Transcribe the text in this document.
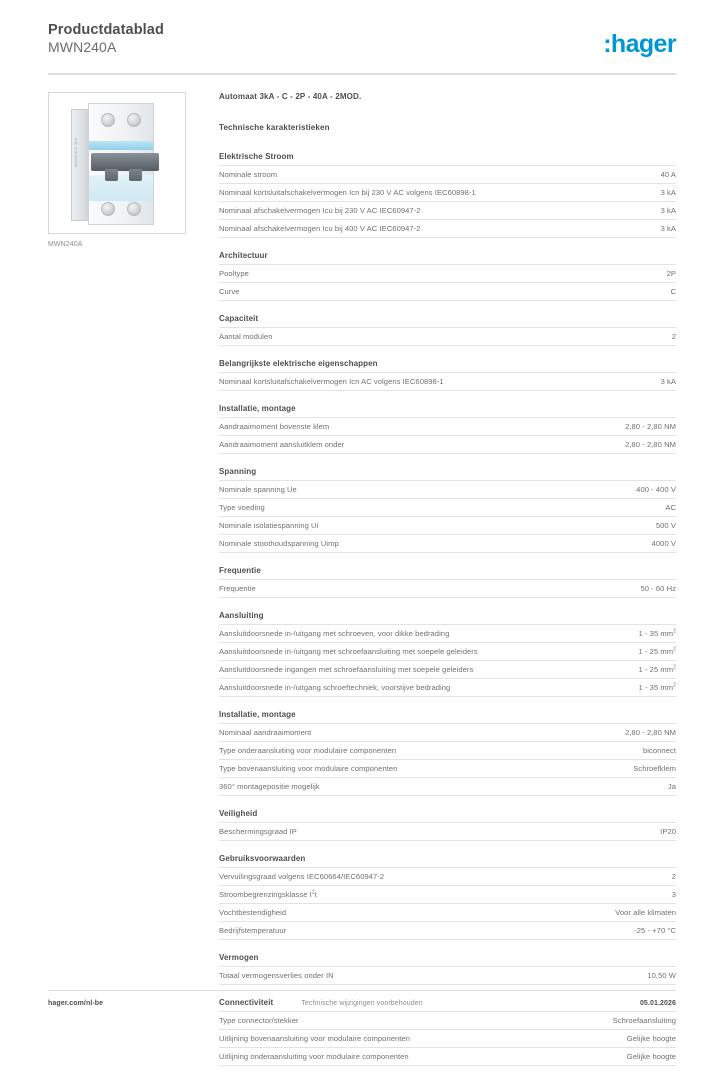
Productdatablad
MWN240A	:hager
MWN240A 3kA
MWN240A
Automaat 3kA - C - 2P - 40A - 2MOD.
Technische karakteristieken
Elektrische Stroom
Nominale stroom	40 A
Nominaal kortsluitafschakelvermogen Icn bij 230 V AC volgens IEC60898-1	3 kA
Nominaal afschakelvermogen Icu bij 230 V AC IEC60947-2	3 kA
Nominaal afschakelvermogen Icu bij 400 V AC IEC60947-2	3 kA
Architectuur
Pooltype	2P
Curve	C
Capaciteit
Aantal modulen	2
Belangrijkste elektrische eigenschappen
Nominaal kortsluitafschakelvermogen Icn AC volgens IEC60898-1	3 kA
Installatie, montage
Aandraaimoment bovenste klem	2,80 - 2,80 NM
Aandraaimoment aansluitklem onder	2,80 - 2,80 NM
Spanning
Nominale spanning Ue	400 - 400 V
Type voeding	AC
Nominale isolatiespanning Ui	500 V
Nominale stoothoudspanning Uimp	4000 V
Frequentie
Frequentie	50 - 60 Hz
Aansluiting
Aansluitdoorsnede in-/uitgang met schroeven, voor dikke bedrading	1 - 35 $mm^2$
Aansluitdoorsnede in-/uitgang met schroefaansluiting met soepele geleiders	1 - 25 $mm^2$
Aansluitdoorsnede ingangen met schroefaansluiting met soepele geleiders	1 - 25 $mm^2$
Aansluitdoorsnede in-/uitgang schroeftechniek, voorstijve bedrading	1 - 35 $mm^2$
Installatie, montage
Nominaal aandraaimoment	2,80 - 2,80 NM
Type onderaansluiting voor modulaire componenten	biconnect
Type bovenaansluiting voor modulaire componenten	Schroefklem
360° montagepositie mogelijk	Ja
Veiligheid
Beschermingsgraad IP	IP20
Gebruiksvoorwaarden
Vervuilingsgraad volgens IEC60664/IEC60947-2	2
Stroombegrenzingsklasse $I^2t$	3
Vochtbestendigheid	Voor alle klimaten
Bedrijfstemperatuur	-25 - +70 °C
Vermogen
Totaal vermogensverlies onder IN	10,50 W
Connectiviteit
Type connector/stekker	Schroefaansluiting
Uitlijning bovenaansluiting voor modulaire componenten	Gelijke hoogte
Uitlijning onderaansluiting voor modulaire componenten	Gelijke hoogte
hager.com/nl-be	Technische wijzigingen voorbehouden	05.01.2026
